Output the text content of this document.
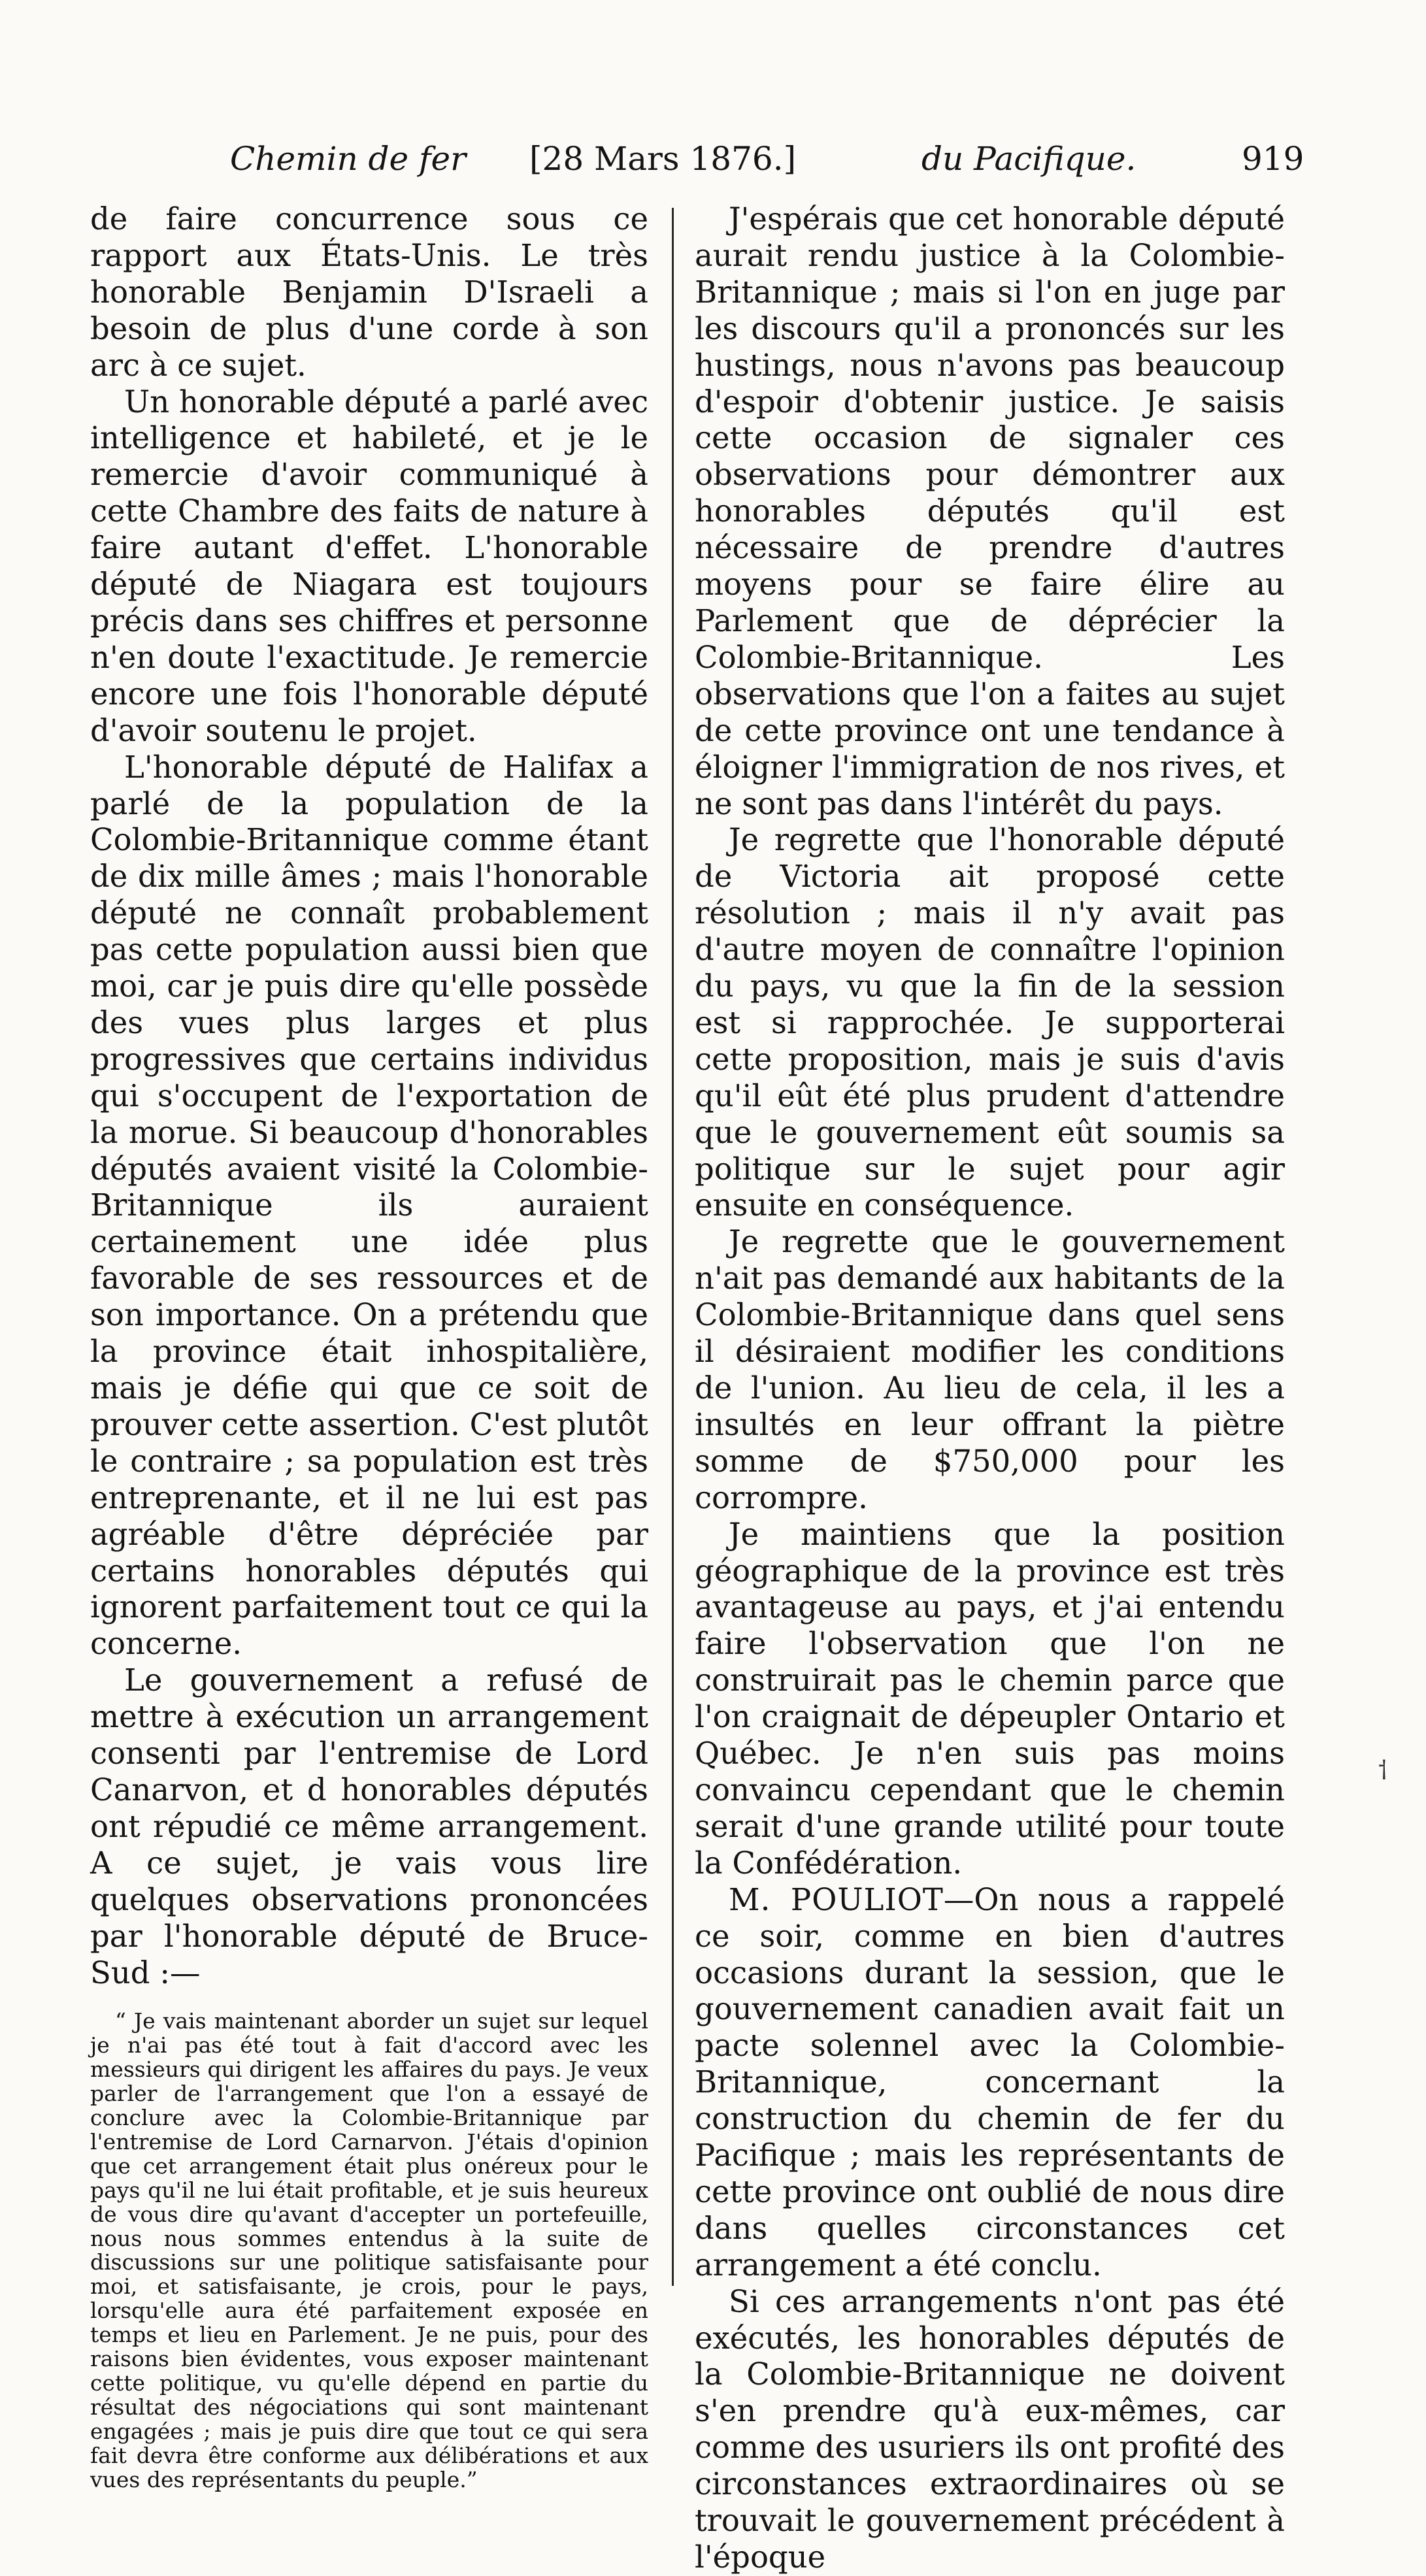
Chemin de fer [28 Mars 1876.]	du Pacifique.	919

de faire concurrence sous ce rapport aux États-Unis. Le très honorable Benjamin D'Israeli a besoin de plus d'une corde à son arc à ce sujet.

Un honorable député a parlé avec intelligence et habileté, et je le remercie d'avoir communiqué à cette Chambre des faits de nature à faire autant d'effet. L'honorable député de Niagara est toujours précis dans ses chiffres et personne n'en doute l'exactitude. Je remercie encore une fois l'honorable député d'avoir soutenu le projet.

L'honorable député de Halifax a parlé de la population de la Colombie-Britannique comme étant de dix mille âmes ; mais l'honorable député ne connaît probablement pas cette population aussi bien que moi, car je puis dire qu'elle possède des vues plus larges et plus progressives que certains individus qui s'occupent de l'exportation de la morue. Si beaucoup d'honorables députés avaient visité la Colombie-Britannique ils auraient certainement une idée plus favorable de ses ressources et de son importance. On a prétendu que la province était inhospitalière, mais je défie qui que ce soit de prouver cette assertion. C'est plutôt le contraire ; sa population est très entreprenante, et il ne lui est pas agréable d'être dépréciée par certains honorables députés qui ignorent parfaitement tout ce qui la concerne.

Le gouvernement a refusé de mettre à exécution un arrangement consenti par l'entremise de Lord Canarvon, et d honorables députés ont répudié ce même arrangement. A ce sujet, je vais vous lire quelques observations prononcées par l'honorable député de Bruce-Sud :—

“ Je vais maintenant aborder un sujet sur lequel je n'ai pas été tout à fait d'accord avec les messieurs qui dirigent les affaires du pays. Je veux parler de l'arrangement que l'on a essayé de conclure avec la Colombie-Britannique par l'entremise de Lord Carnarvon. J'étais d'opinion que cet arrangement était plus onéreux pour le pays qu'il ne lui était profitable, et je suis heureux de vous dire qu'avant d'accepter un portefeuille, nous nous sommes entendus à la suite de discussions sur une politique satisfaisante pour moi, et satisfaisante, je crois, pour le pays, lorsqu'elle aura été parfaitement exposée en temps et lieu en Parlement. Je ne puis, pour des raisons bien évidentes, vous exposer maintenant cette politique, vu qu'elle dépend en partie du résultat des négociations qui sont maintenant engagées ; mais je puis dire que tout ce qui sera fait devra être conforme aux délibérations et aux vues des représentants du peuple.”

J'espérais que cet honorable député aurait rendu justice à la Colombie-Britannique ; mais si l'on en juge par les discours qu'il a prononcés sur les hustings, nous n'avons pas beaucoup d'espoir d'obtenir justice. Je saisis cette occasion de signaler ces observations pour démontrer aux honorables députés qu'il est nécessaire de prendre d'autres moyens pour se faire élire au Parlement que de déprécier la Colombie-Britannique. Les observations que l'on a faites au sujet de cette province ont une tendance à éloigner l'immigration de nos rives, et ne sont pas dans l'intérêt du pays.

Je regrette que l'honorable député de Victoria ait proposé cette résolution ; mais il n'y avait pas d'autre moyen de connaître l'opinion du pays, vu que la fin de la session est si rapprochée. Je supporterai cette proposition, mais je suis d'avis qu'il eût été plus prudent d'attendre que le gouvernement eût soumis sa politique sur le sujet pour agir ensuite en conséquence.

Je regrette que le gouvernement n'ait pas demandé aux habitants de la Colombie-Britannique dans quel sens il désiraient modifier les conditions de l'union. Au lieu de cela, il les a insultés en leur offrant la piètre somme de $750,000 pour les corrompre.

Je maintiens que la position géographique de la province est très avantageuse au pays, et j'ai entendu faire l'observation que l'on ne construirait pas le chemin parce que l'on craignait de dépeupler Ontario et Québec. Je n'en suis pas moins convaincu cependant que le chemin serait d'une grande utilité pour toute la Confédération.

M. POULIOT—On nous a rappelé ce soir, comme en bien d'autres occasions durant la session, que le gouvernement canadien avait fait un pacte solennel avec la Colombie-Britannique, concernant la construction du chemin de fer du Pacifique ; mais les représentants de cette province ont oublié de nous dire dans quelles circonstances cet arrangement a été conclu.

Si ces arrangements n'ont pas été exécutés, les honorables députés de la Colombie-Britannique ne doivent s'en prendre qu'à eux-mêmes, car comme des usuriers ils ont profité des circonstances extraordinaires où se trouvait le gouvernement précédent à l'époque

⸶
